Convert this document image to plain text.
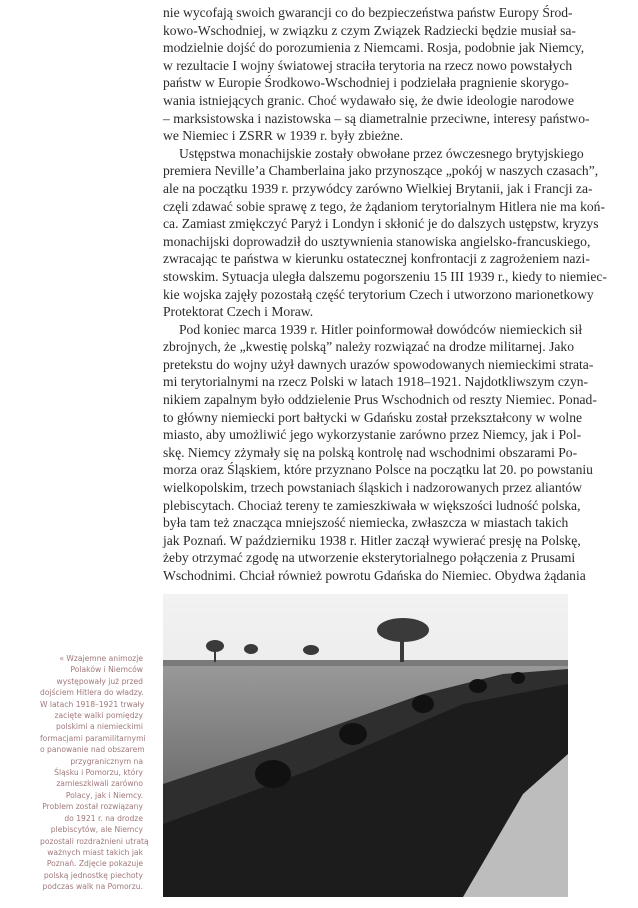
nie wycofają swoich gwarancji co do bezpieczeństwa państw Europy Środ-
kowo-Wschodniej, w związku z czym Związek Radziecki będzie musiał sa-
modzielnie dojść do porozumienia z Niemcami. Rosja, podobnie jak Niemcy,
w rezultacie I wojny światowej straciła terytoria na rzecz nowo powstałych
państw w Europie Środkowo-Wschodniej i podzielała pragnienie skorygo-
wania istniejących granic. Choć wydawało się, że dwie ideologie narodowe
– marksistowska i nazistowska – są diametralnie przeciwne, interesy państwo-
we Niemiec i ZSRR w 1939 r. były zbieżne.
Ustępstwa monachijskie zostały obwołane przez ówczesnego brytyjskiego
premiera Neville’a Chamberlaina jako przynoszące „pokój w naszych czasach”,
ale na początku 1939 r. przywódcy zarówno Wielkiej Brytanii, jak i Francji za-
częli zdawać sobie sprawę z tego, że żądaniom terytorialnym Hitlera nie ma koń-
ca. Zamiast zmiękczyć Paryż i Londyn i skłonić je do dalszych ustępstw, kryzys
monachijski doprowadził do usztywnienia stanowiska angielsko-francuskiego,
zwracając te państwa w kierunku ostatecznej konfrontacji z zagrożeniem nazi-
stowskim. Sytuacja uległa dalszemu pogorszeniu 15 III 1939 r., kiedy to niemiec-
kie wojska zajęły pozostałą część terytorium Czech i utworzono marionetkowy
Protektorat Czech i Moraw.
Pod koniec marca 1939 r. Hitler poinformował dowódców niemieckich sił
zbrojnych, że „kwestię polską” należy rozwiązać na drodze militarnej. Jako
pretekstu do wojny użył dawnych urazów spowodowanych niemieckimi strata-
mi terytorialnymi na rzecz Polski w latach 1918–1921. Najdotkliwszym czyn-
nikiem zapalnym było oddzielenie Prus Wschodnich od reszty Niemiec. Ponad-
to główny niemiecki port bałtycki w Gdańsku został przekształcony w wolne
miasto, aby umożliwić jego wykorzystanie zarówno przez Niemcy, jak i Pol-
skę. Niemcy zżymały się na polską kontrolę nad wschodnimi obszarami Po-
morza oraz Śląskiem, które przyznano Polsce na początku lat 20. po powstaniu
wielkopolskim, trzech powstaniach śląskich i nadzorowanych przez aliantów
plebiscytach. Chociaż tereny te zamieszkiwała w większości ludność polska,
była tam też znacząca mniejszość niemiecka, zwłaszcza w miastach takich
jak Poznań. W październiku 1938 r. Hitler zaczął wywierać presję na Polskę,
żeby otrzymać zgodę na utworzenie eksterytorialnego połączenia z Prusami
Wschodnimi. Chciał również powrotu Gdańska do Niemiec. Obydwa żądania
« Wzajemne animozje
Polaków i Niemców
występowały już przed
dojściem Hitlera do władzy.
W latach 1918–1921 trwały
zacięte walki pomiędzy
polskimi a niemieckimi
formacjami paramilitarnymi
o panowanie nad obszarem
przygranicznym na
Śląsku i Pomorzu, który
zamieszkiwali zarówno
Polacy, jak i Niemcy.
Problem został rozwiązany
do 1921 r. na drodze
plebiscytów, ale Niemcy
pozostali rozdrażnieni utratą
ważnych miast takich jak
Poznań. Zdjęcie pokazuje
polską jednostkę piechoty
podczas walk na Pomorzu.
